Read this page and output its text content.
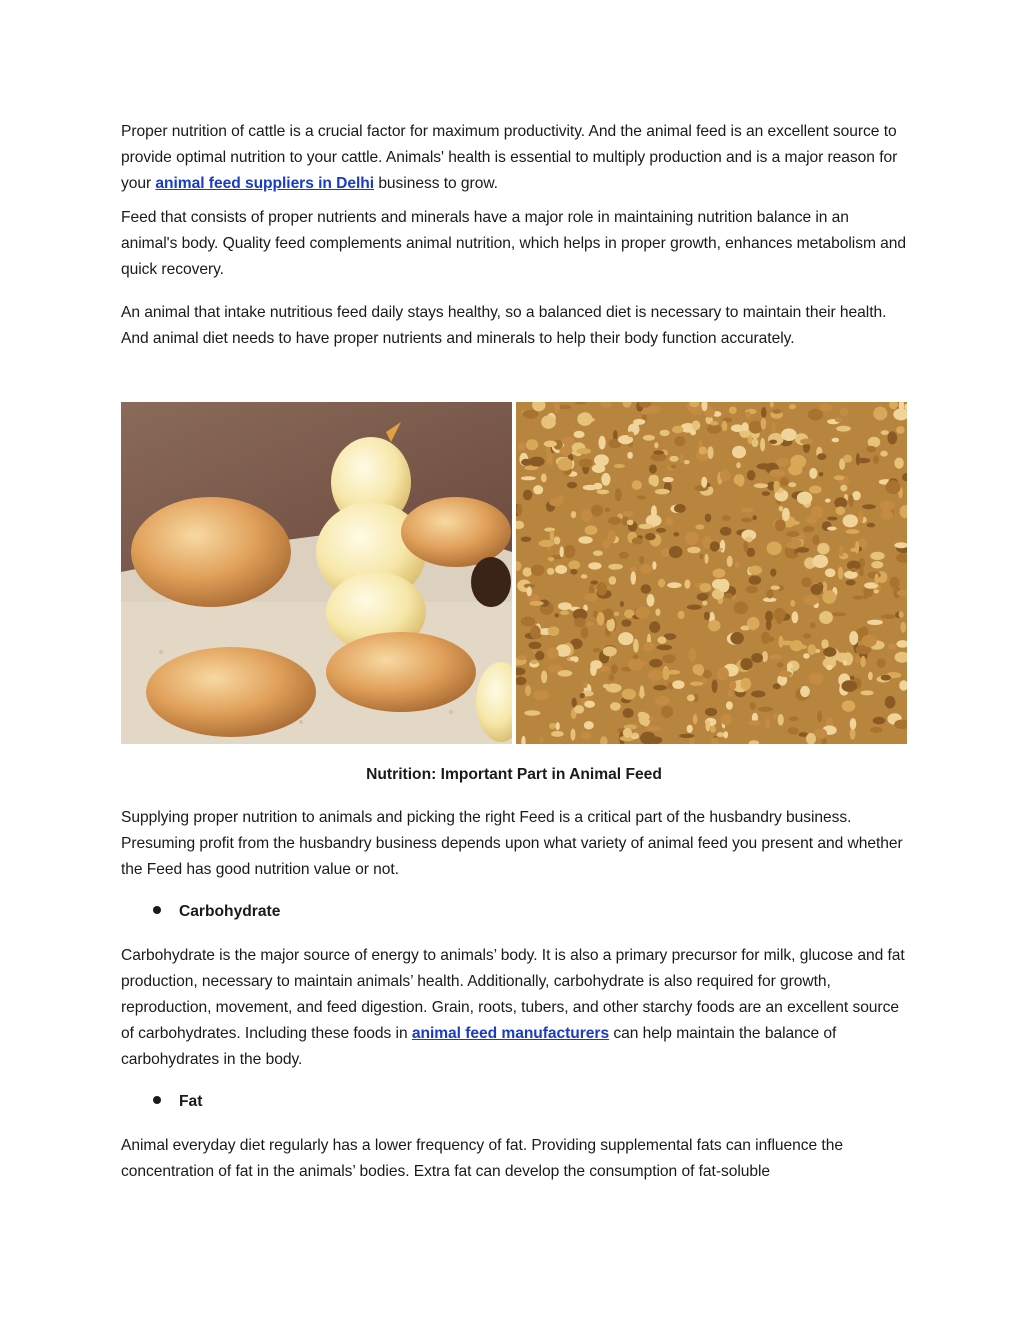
Proper nutrition of cattle is a crucial factor for maximum productivity. And the animal feed is an excellent source to provide optimal nutrition to your cattle. Animals' health is essential to multiply production and is a major reason for your animal feed suppliers in Delhi business to grow.

Feed that consists of proper nutrients and minerals have a major role in maintaining nutrition balance in an animal's body. Quality feed complements animal nutrition, which helps in proper growth, enhances metabolism and quick recovery.

An animal that intake nutritious feed daily stays healthy, so a balanced diet is necessary to maintain their health. And animal diet needs to have proper nutrients and minerals to help their body function accurately.

Nutrition: Important Part in Animal Feed

Supplying proper nutrition to animals and picking the right Feed is a critical part of the husbandry business. Presuming profit from the husbandry business depends upon what variety of animal feed you present and whether the Feed has good nutrition value or not.

Carbohydrate

Carbohydrate is the major source of energy to animals’ body. It is also a primary precursor for milk, glucose and fat production, necessary to maintain animals’ health. Additionally, carbohydrate is also required for growth, reproduction, movement, and feed digestion. Grain, roots, tubers, and other starchy foods are an excellent source of carbohydrates. Including these foods in animal feed manufacturers can help maintain the balance of carbohydrates in the body.

Fat

Animal everyday diet regularly has a lower frequency of fat. Providing supplemental fats can influence the concentration of fat in the animals’ bodies. Extra fat can develop the consumption of fat-soluble
